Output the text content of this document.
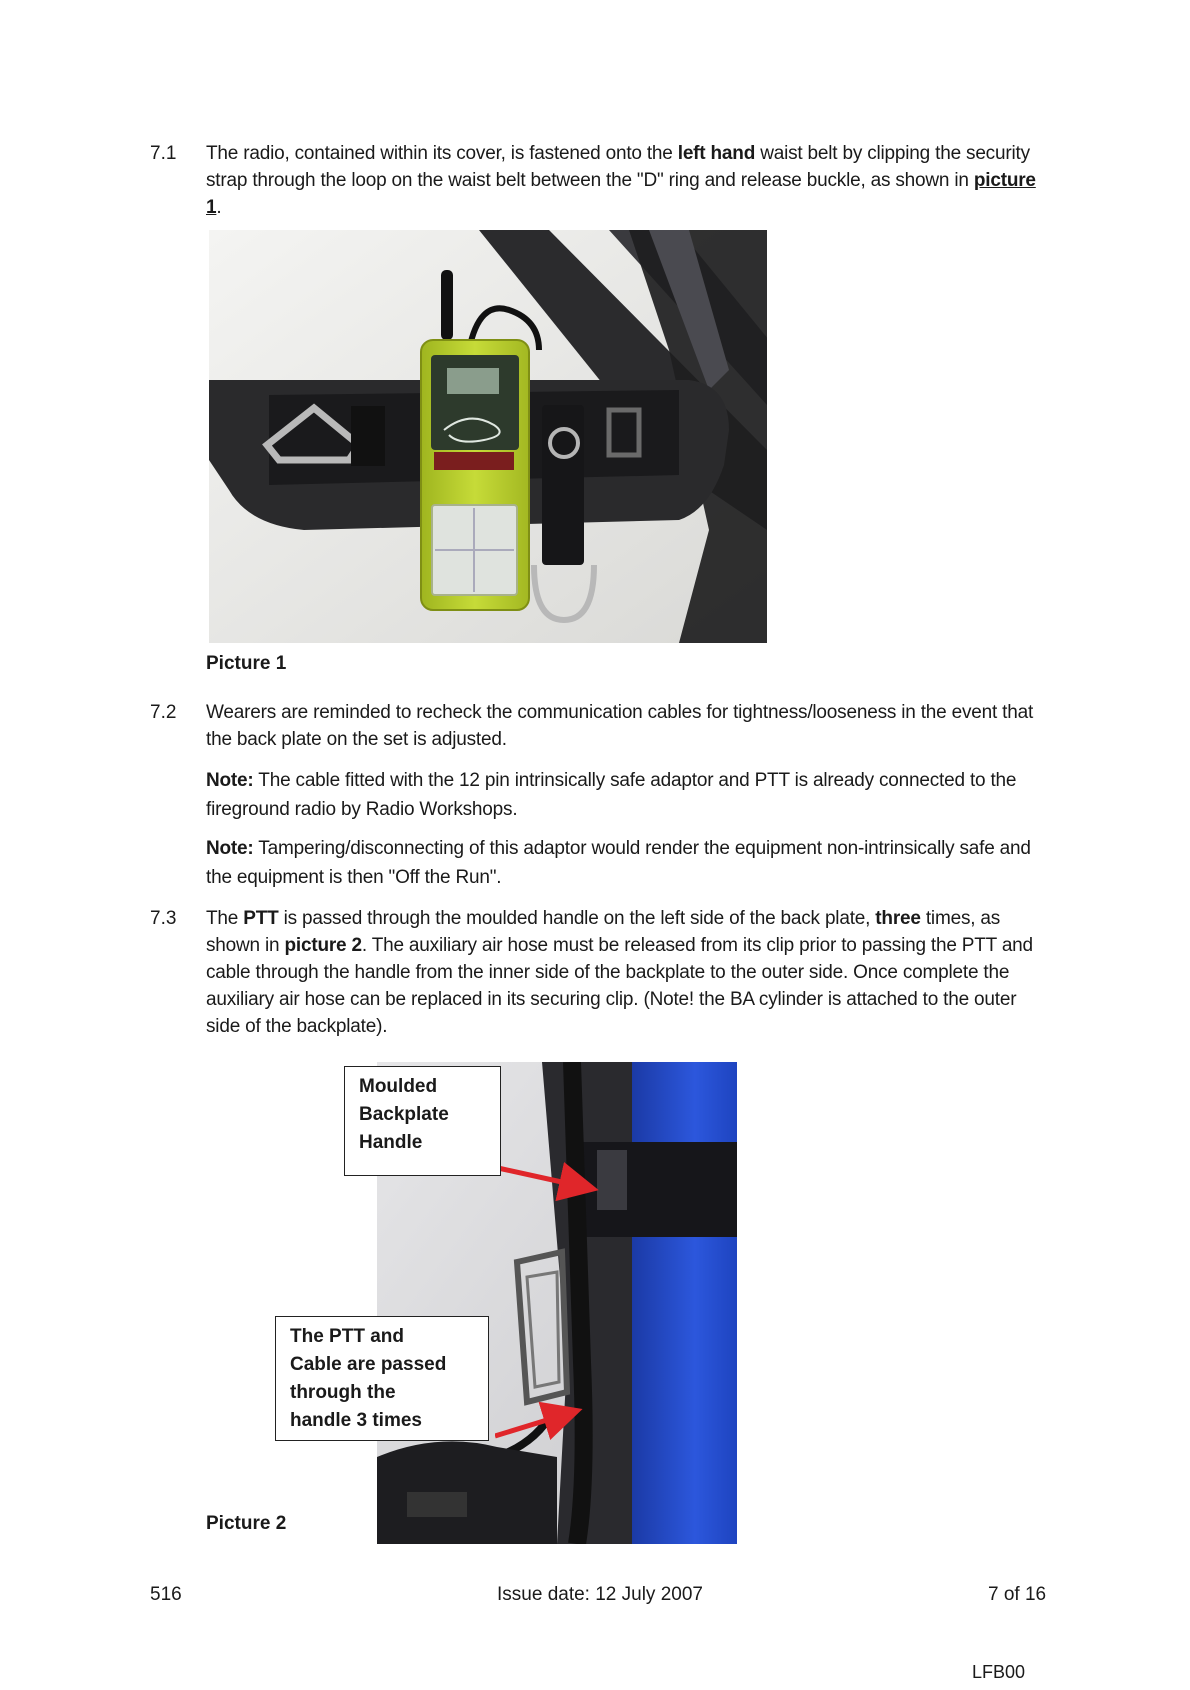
7.1 The radio, contained within its cover, is fastened onto the left hand waist belt by clipping the security strap through the loop on the waist belt between the "D" ring and release buckle, as shown in picture 1.
Picture 1
7.2 Wearers are reminded to recheck the communication cables for tightness/looseness in the event that the back plate on the set is adjusted.
Note: The cable fitted with the 12 pin intrinsically safe adaptor and PTT is already connected to the fireground radio by Radio Workshops.
Note: Tampering/disconnecting of this adaptor would render the equipment non-intrinsically safe and the equipment is then "Off the Run".
7.3 The PTT is passed through the moulded handle on the left side of the back plate, three times, as shown in picture 2. The auxiliary air hose must be released from its clip prior to passing the PTT and cable through the handle from the inner side of the backplate to the outer side. Once complete the auxiliary air hose can be replaced in its securing clip. (Note! the BA cylinder is attached to the outer side of the backplate).
Moulded
Backplate
Handle
The PTT and
Cable are passed
through the
handle 3 times
Picture 2
516	Issue date: 12 July 2007	7 of 16
LFB00
